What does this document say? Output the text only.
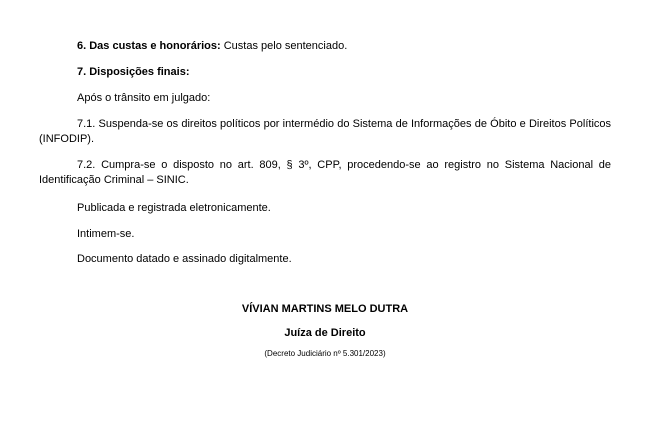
6. Das custas e honorários: Custas pelo sentenciado.

7. Disposições finais:

Após o trânsito em julgado:

7.1. Suspenda-se os direitos políticos por intermédio do Sistema de Informações de Óbito e Direitos Políticos (INFODIP).

7.2. Cumpra-se o disposto no art. 809, § 3º, CPP, procedendo-se ao registro no Sistema Nacional de Identificação Criminal – SINIC.

Publicada e registrada eletronicamente.

Intimem-se.

Documento datado e assinado digitalmente.

VÍVIAN MARTINS MELO DUTRA

Juíza de Direito

(Decreto Judiciário nº 5.301/2023)
